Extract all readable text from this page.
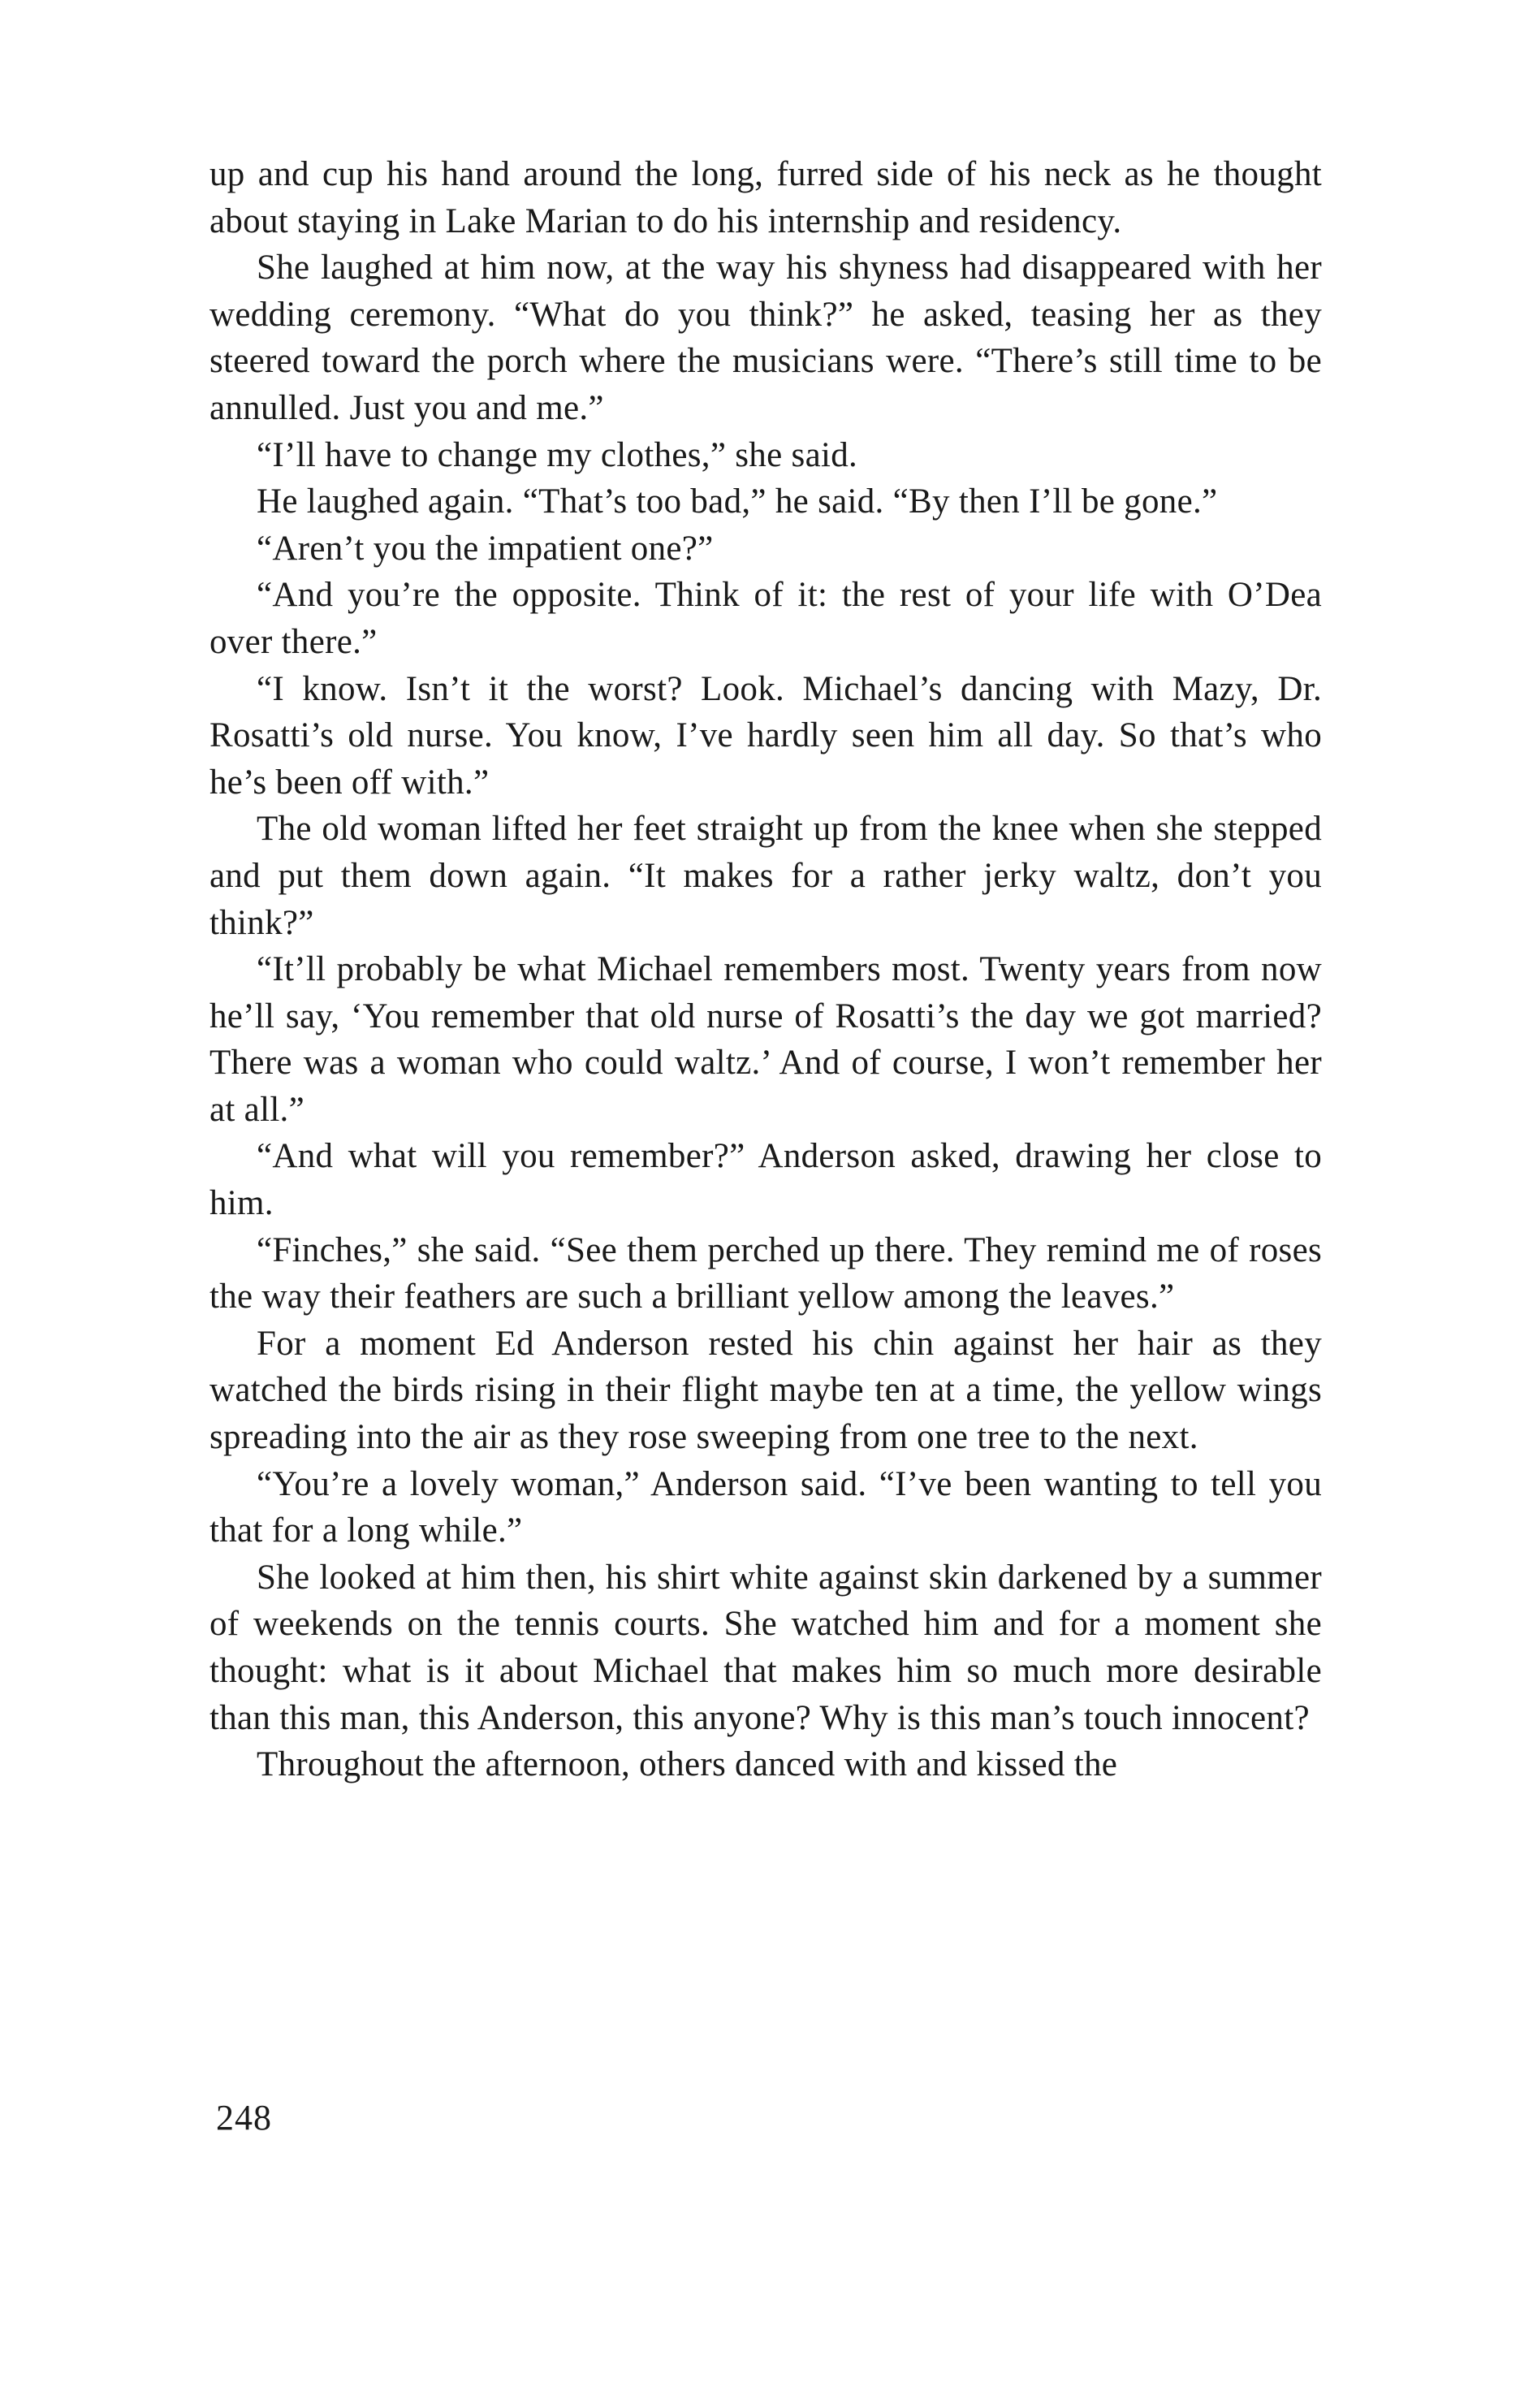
up and cup his hand around the long, furred side of his neck as he thought about staying in Lake Marian to do his internship and residency.

She laughed at him now, at the way his shyness had disappeared with her wedding ceremony. “What do you think?” he asked, teasing her as they steered toward the porch where the musicians were. “There’s still time to be annulled. Just you and me.”

“I’ll have to change my clothes,” she said.

He laughed again. “That’s too bad,” he said. “By then I’ll be gone.”

“Aren’t you the impatient one?”

“And you’re the opposite. Think of it: the rest of your life with O’Dea over there.”

“I know. Isn’t it the worst? Look. Michael’s dancing with Mazy, Dr. Rosatti’s old nurse. You know, I’ve hardly seen him all day. So that’s who he’s been off with.”

The old woman lifted her feet straight up from the knee when she stepped and put them down again. “It makes for a rather jerky waltz, don’t you think?”

“It’ll probably be what Michael remembers most. Twenty years from now he’ll say, ‘You remember that old nurse of Rosatti’s the day we got married? There was a woman who could waltz.’ And of course, I won’t remember her at all.”

“And what will you remember?” Anderson asked, drawing her close to him.

“Finches,” she said. “See them perched up there. They remind me of roses the way their feathers are such a brilliant yellow among the leaves.”

For a moment Ed Anderson rested his chin against her hair as they watched the birds rising in their flight maybe ten at a time, the yellow wings spreading into the air as they rose sweeping from one tree to the next.

“You’re a lovely woman,” Anderson said. “I’ve been wanting to tell you that for a long while.”

She looked at him then, his shirt white against skin darkened by a summer of weekends on the tennis courts. She watched him and for a moment she thought: what is it about Michael that makes him so much more desirable than this man, this Anderson, this anyone? Why is this man’s touch innocent?

Throughout the afternoon, others danced with and kissed the

248
